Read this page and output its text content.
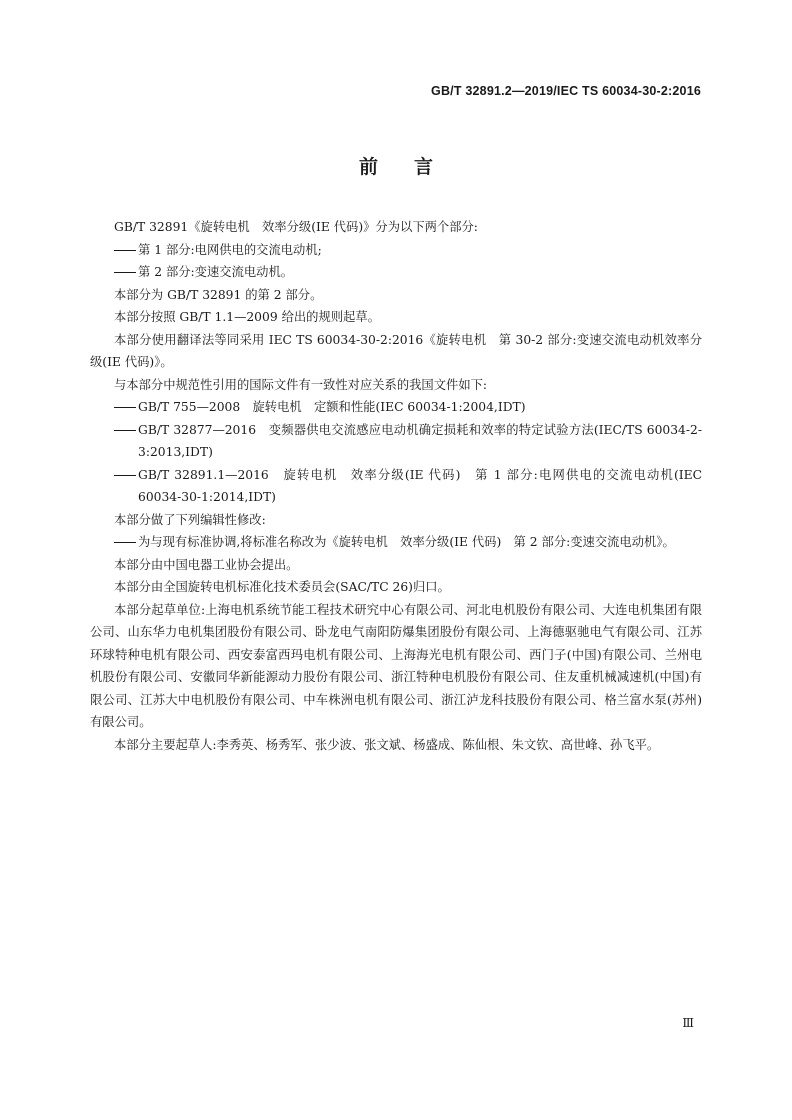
GB/T 32891.2—2019/IEC TS 60034-30-2:2016
前言

GB/T 32891《旋转电机　效率分级(IE 代码)》分为以下两个部分:

第 1 部分:电网供电的交流电动机;

第 2 部分:变速交流电动机。

本部分为 GB/T 32891 的第 2 部分。

本部分按照 GB/T 1.1—2009 给出的规则起草。

本部分使用翻译法等同采用 IEC TS 60034-30-2:2016《旋转电机　第 30-2 部分:变速交流电动机效率分级(IE 代码)》。

与本部分中规范性引用的国际文件有一致性对应关系的我国文件如下:

GB/T 755—2008　旋转电机　定额和性能(IEC 60034-1:2004,IDT)

GB/T 32877—2016　变频器供电交流感应电动机确定损耗和效率的特定试验方法(IEC/TS 60034-2-3:2013,IDT)

GB/T 32891.1—2016　旋转电机　效率分级(IE 代码)　第 1 部分:电网供电的交流电动机(IEC 60034-30-1:2014,IDT)

本部分做了下列编辑性修改:

为与现有标准协调,将标准名称改为《旋转电机　效率分级(IE 代码)　第 2 部分:变速交流电动机》。

本部分由中国电器工业协会提出。

本部分由全国旋转电机标准化技术委员会(SAC/TC 26)归口。

本部分起草单位:上海电机系统节能工程技术研究中心有限公司、河北电机股份有限公司、大连电机集团有限公司、山东华力电机集团股份有限公司、卧龙电气南阳防爆集团股份有限公司、上海德驱驰电气有限公司、江苏环球特种电机有限公司、西安泰富西玛电机有限公司、上海海光电机有限公司、西门子(中国)有限公司、兰州电机股份有限公司、安徽同华新能源动力股份有限公司、浙江特种电机股份有限公司、住友重机械减速机(中国)有限公司、江苏大中电机股份有限公司、中车株洲电机有限公司、浙江泸龙科技股份有限公司、格兰富水泵(苏州)有限公司。

本部分主要起草人:李秀英、杨秀军、张少波、张文斌、杨盛成、陈仙根、朱文钦、高世峰、孙飞平。

Ⅲ
